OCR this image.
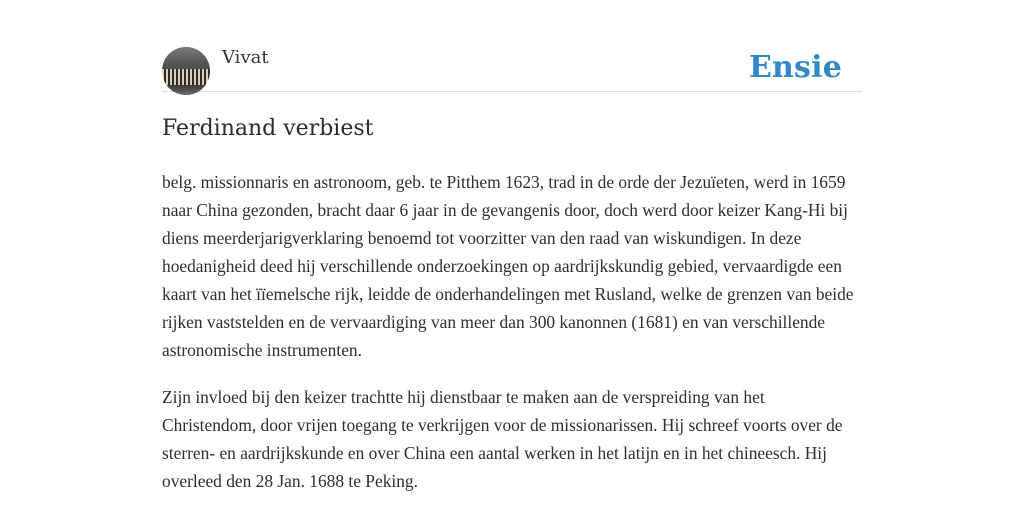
Vivat	Ensie
Ferdinand verbiest

belg. missionnaris en astronoom, geb. te Pitthem 1623, trad in de orde der Jezuïeten, werd in 1659 naar China gezonden, bracht daar 6 jaar in de gevangenis door, doch werd door keizer Kang-Hi bij diens meerderjarigverklaring benoemd tot voorzitter van den raad van wiskundigen. In deze hoedanigheid deed hij verschillende onderzoekingen op aardrijkskundig gebied, vervaardigde een kaart van het ïïemelsche rijk, leidde de onderhandelingen met Rusland, welke de grenzen van beide rijken vaststelden en de vervaardiging van meer dan 300 kanonnen (1681) en van verschillende astronomische instrumenten.

Zijn invloed bij den keizer trachtte hij dienstbaar te maken aan de verspreiding van het Christendom, door vrijen toegang te verkrijgen voor de missionarissen. Hij schreef voorts over de sterren- en aardrijkskunde en over China een aantal werken in het latijn en in het chineesch. Hij overleed den 28 Jan. 1688 te Peking.
